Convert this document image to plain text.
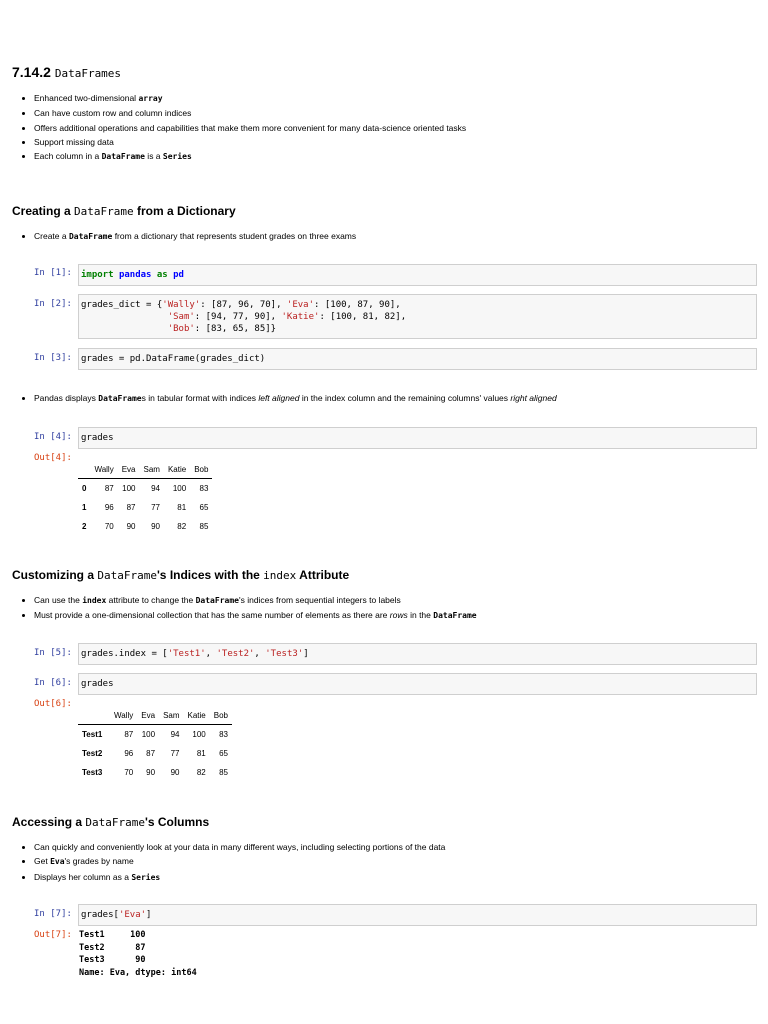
7.14.2 DataFrames
• Enhanced two-dimensional array
• Can have custom row and column indices
• Offers additional operations and capabilities that make them more convenient for many data-science oriented tasks
• Support missing data
• Each column in a DataFrame is a Series
Creating a DataFrame from a Dictionary
• Create a DataFrame from a dictionary that represents student grades on three exams
In [1]:	import pandas as pd
In [2]:	grades_dict = {'Wally': [87, 96, 70], 'Eva': [100, 87, 90],
'Sam': [94, 77, 90], 'Katie': [100, 81, 82],
'Bob': [83, 65, 85]}
In [3]:	grades = pd.DataFrame(grades_dict)
• Pandas displays DataFrames in tabular format with indices left aligned in the index column and the remaining columns' values right aligned
In [4]:	grades
Out[4]:
	Wally	Eva	Sam	Katie	Bob
0	87	100	94	100	83
1	96	87	77	81	65
2	70	90	90	82	85
Customizing a DataFrame's Indices with the index Attribute
• Can use the index attribute to change the DataFrame's indices from sequential integers to labels
• Must provide a one-dimensional collection that has the same number of elements as there are rows in the DataFrame
In [5]:	grades.index = ['Test1', 'Test2', 'Test3']
In [6]:	grades
Out[6]:
	Wally	Eva	Sam	Katie	Bob
Test1	87	100	94	100	83
Test2	96	87	77	81	65
Test3	70	90	90	82	85
Accessing a DataFrame's Columns
• Can quickly and conveniently look at your data in many different ways, including selecting portions of the data
• Get Eva's grades by name
• Displays her column as a Series
In [7]:	grades['Eva']
Out[7]: Test1     100
Test2      87
Test3      90
Name: Eva, dtype: int64
